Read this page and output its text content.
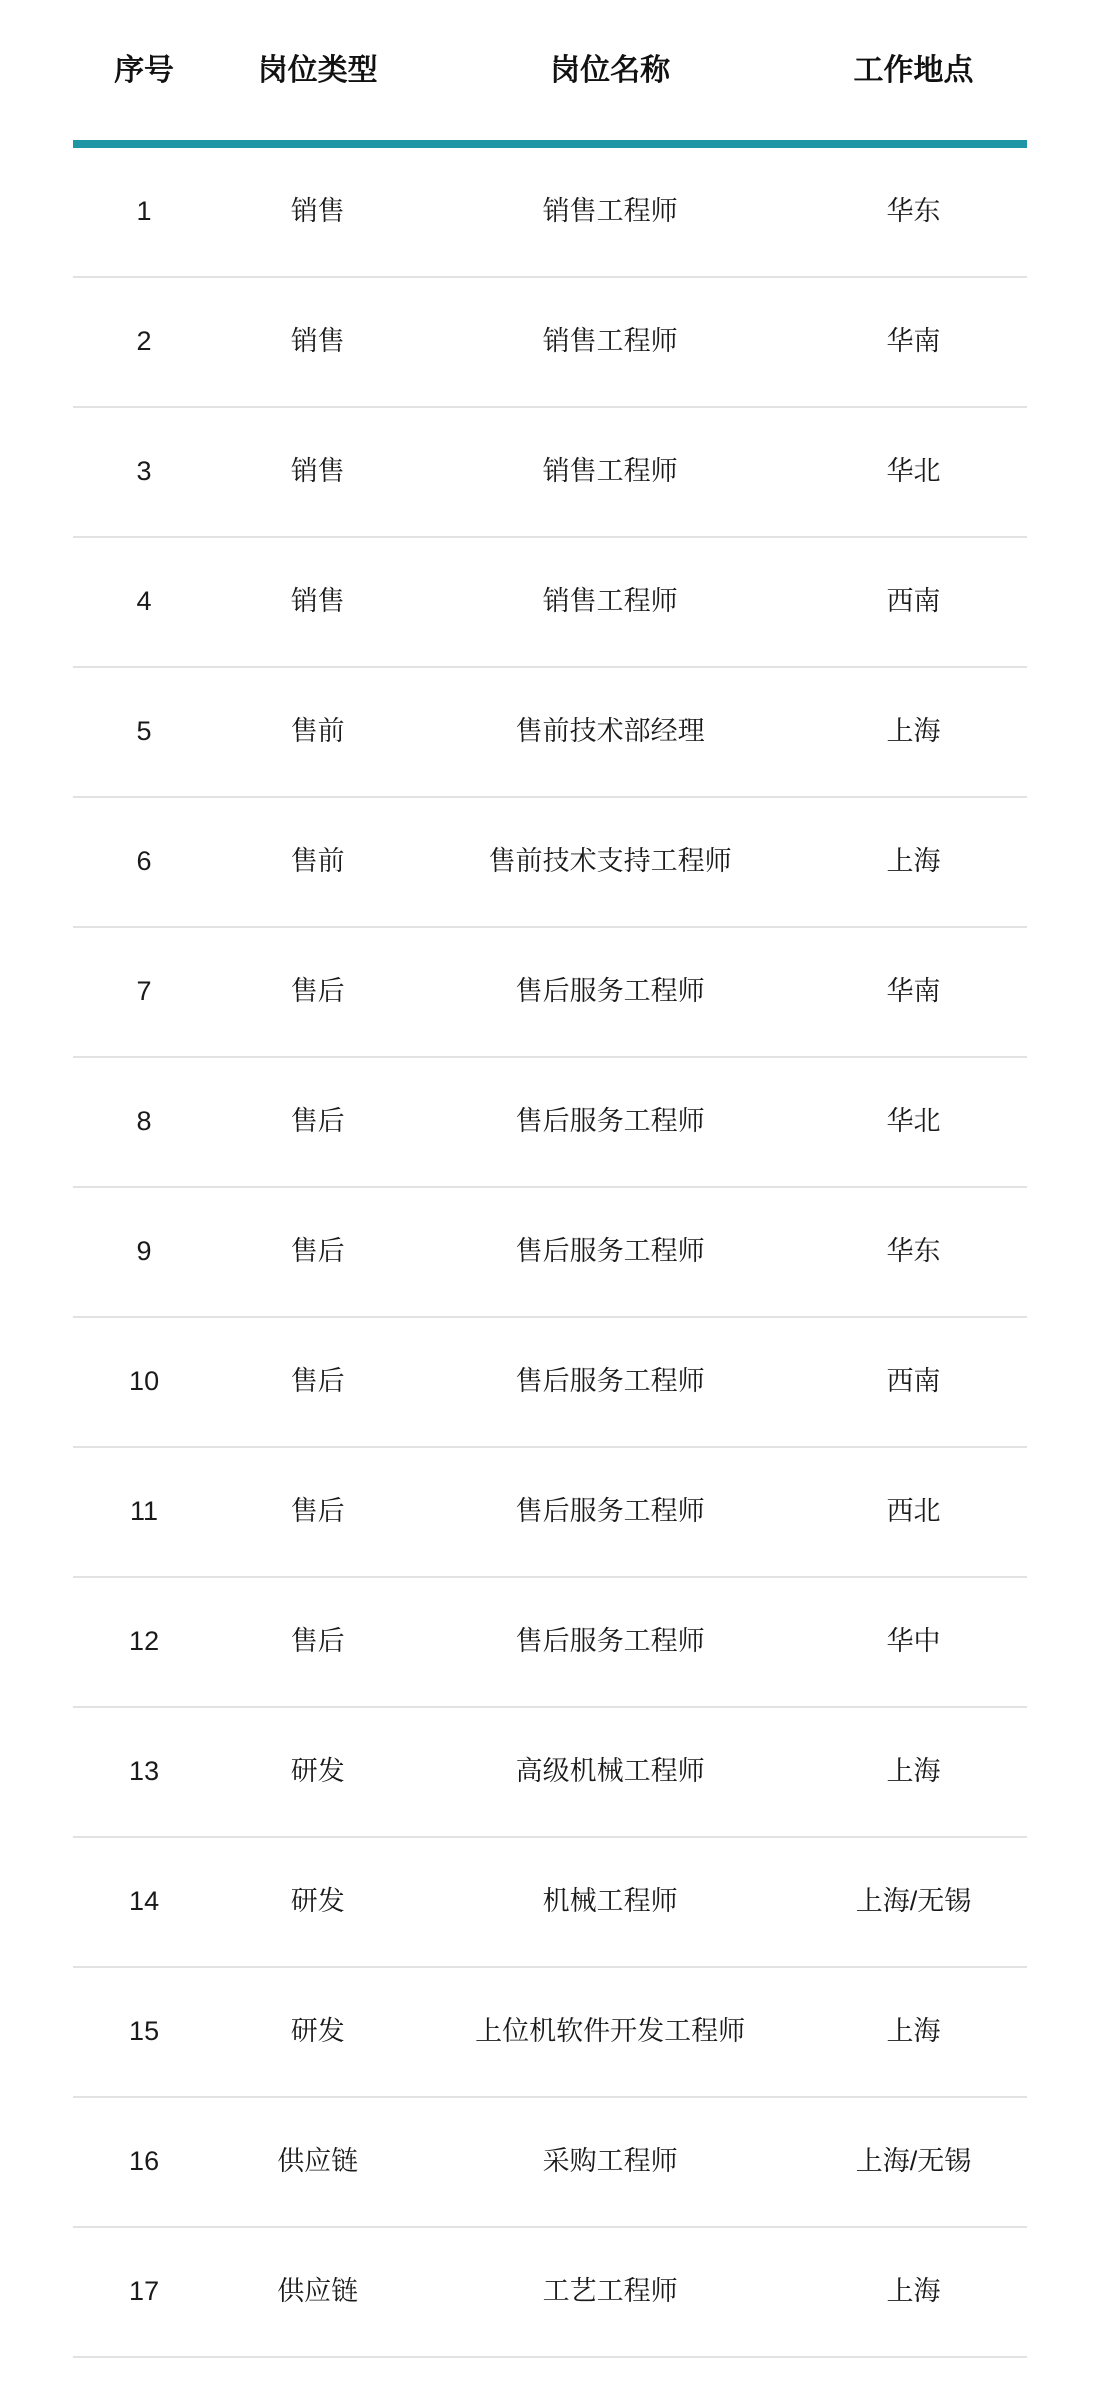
序号	岗位类型	岗位名称	工作地点
1	销售	销售工程师	华东
2	销售	销售工程师	华南
3	销售	销售工程师	华北
4	销售	销售工程师	西南
5	售前	售前技术部经理	上海
6	售前	售前技术支持工程师	上海
7	售后	售后服务工程师	华南
8	售后	售后服务工程师	华北
9	售后	售后服务工程师	华东
10	售后	售后服务工程师	西南
11	售后	售后服务工程师	西北
12	售后	售后服务工程师	华中
13	研发	高级机械工程师	上海
14	研发	机械工程师	上海/无锡
15	研发	上位机软件开发工程师	上海
16	供应链	采购工程师	上海/无锡
17	供应链	工艺工程师	上海
